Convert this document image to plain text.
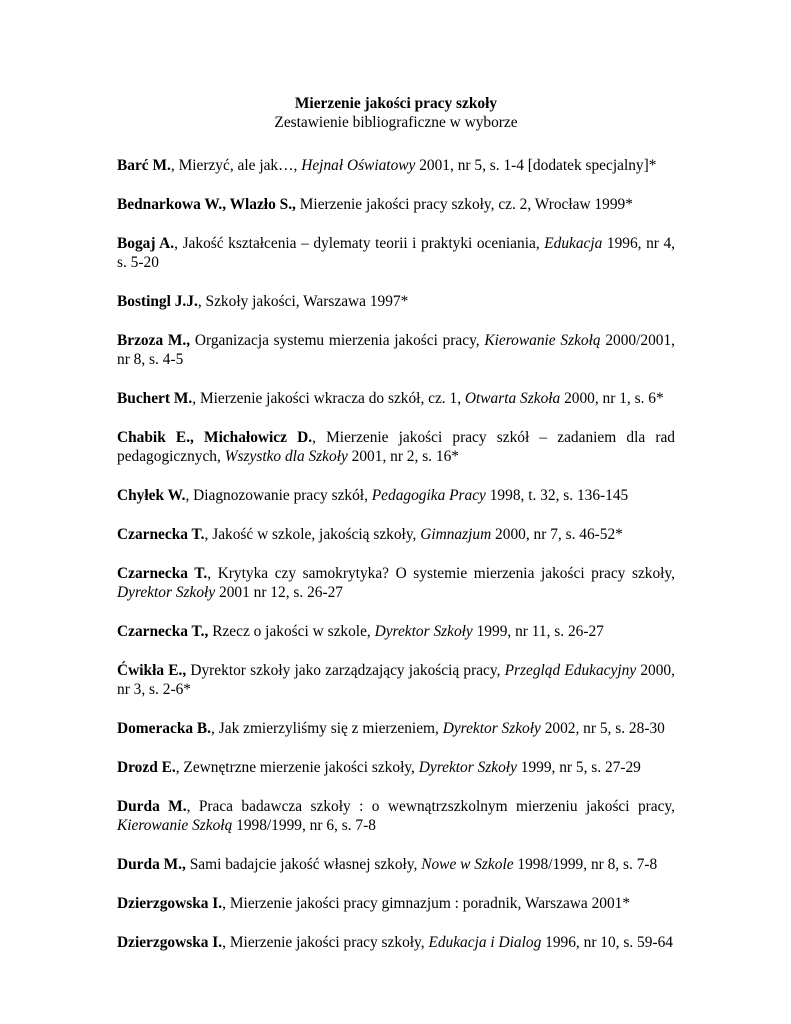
Mierzenie jakości pracy szkoły

Zestawienie bibliograficzne w wyborze

Barć M., Mierzyć, ale jak…, Hejnał Oświatowy 2001, nr 5, s. 1-4 [dodatek specjalny]*

Bednarkowa W., Wlazło S., Mierzenie jakości pracy szkoły, cz. 2, Wrocław 1999*

Bogaj A., Jakość kształcenia – dylematy teorii i praktyki oceniania, Edukacja 1996, nr 4, s. 5-20

Bostingl J.J., Szkoły jakości, Warszawa 1997*

Brzoza M., Organizacja systemu mierzenia jakości pracy, Kierowanie Szkołą 2000/2001, nr 8, s. 4-5

Buchert M., Mierzenie jakości wkracza do szkół, cz. 1, Otwarta Szkoła 2000, nr 1, s. 6*

Chabik E., Michałowicz D., Mierzenie jakości pracy szkół – zadaniem dla rad pedagogicznych, Wszystko dla Szkoły 2001, nr 2, s. 16*

Chyłek W., Diagnozowanie pracy szkół, Pedagogika Pracy 1998, t. 32, s. 136-145

Czarnecka T., Jakość w szkole, jakością szkoły, Gimnazjum 2000, nr 7, s. 46-52*

Czarnecka T., Krytyka czy samokrytyka? O systemie mierzenia jakości pracy szkoły, Dyrektor Szkoły 2001 nr 12, s. 26-27

Czarnecka T., Rzecz o jakości w szkole, Dyrektor Szkoły 1999, nr 11, s. 26-27

Ćwikła E., Dyrektor szkoły jako zarządzający jakością pracy, Przegląd Edukacyjny 2000, nr 3, s. 2-6*

Domeracka B., Jak zmierzyliśmy się z mierzeniem, Dyrektor Szkoły 2002, nr 5, s. 28-30

Drozd E., Zewnętrzne mierzenie jakości szkoły, Dyrektor Szkoły 1999, nr 5, s. 27-29

Durda M., Praca badawcza szkoły : o wewnątrzszkolnym mierzeniu jakości pracy, Kierowanie Szkołą 1998/1999, nr 6, s. 7-8

Durda M., Sami badajcie jakość własnej szkoły, Nowe w Szkole 1998/1999, nr 8, s. 7-8

Dzierzgowska I., Mierzenie jakości pracy gimnazjum : poradnik, Warszawa 2001*

Dzierzgowska I., Mierzenie jakości pracy szkoły, Edukacja i Dialog 1996, nr 10, s. 59-64
